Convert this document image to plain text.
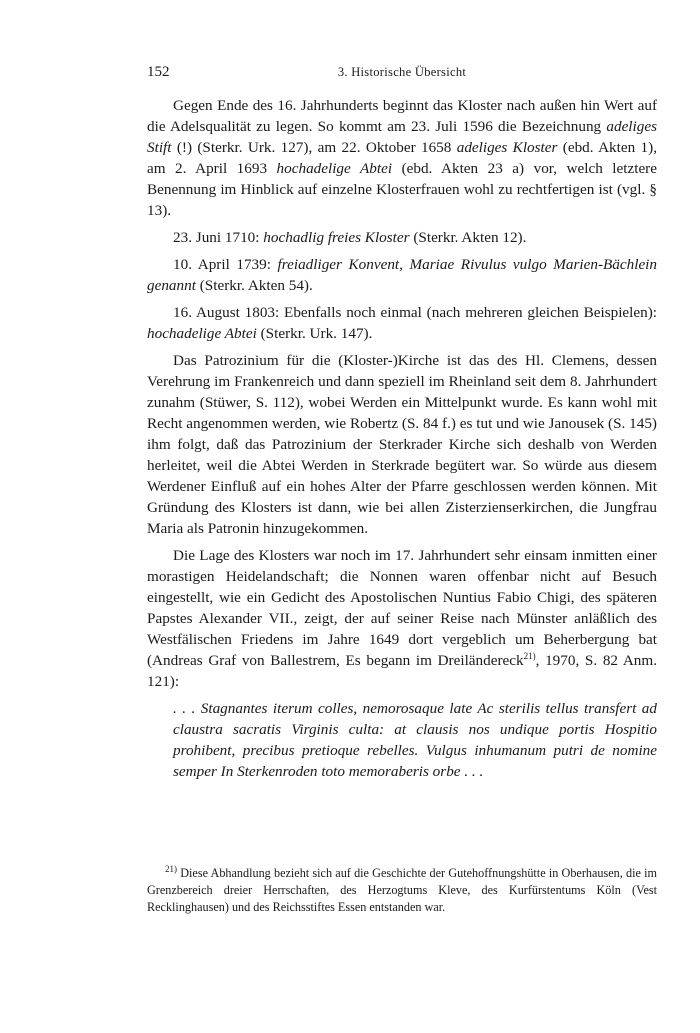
152	3. Historische Übersicht

Gegen Ende des 16. Jahrhunderts beginnt das Kloster nach außen hin Wert auf die Adelsqualität zu legen. So kommt am 23. Juli 1596 die Bezeichnung adeliges Stift (!) (Sterkr. Urk. 127), am 22. Oktober 1658 adeliges Kloster (ebd. Akten 1), am 2. April 1693 hochadelige Abtei (ebd. Akten 23 a) vor, welch letztere Benennung im Hinblick auf einzelne Klosterfrauen wohl zu rechtfertigen ist (vgl. § 13).

23. Juni 1710: hochadlig freies Kloster (Sterkr. Akten 12).

10. April 1739: freiadliger Konvent, Mariae Rivulus vulgo Marien-Bächlein genannt (Sterkr. Akten 54).

16. August 1803: Ebenfalls noch einmal (nach mehreren gleichen Beispielen): hochadelige Abtei (Sterkr. Urk. 147).

Das Patrozinium für die (Kloster-)Kirche ist das des Hl. Clemens, dessen Verehrung im Frankenreich und dann speziell im Rheinland seit dem 8. Jahrhundert zunahm (Stüwer, S. 112), wobei Werden ein Mittelpunkt wurde. Es kann wohl mit Recht angenommen werden, wie Robertz (S. 84 f.) es tut und wie Janousek (S. 145) ihm folgt, daß das Patrozinium der Sterkrader Kirche sich deshalb von Werden herleitet, weil die Abtei Werden in Sterkrade begütert war. So würde aus diesem Werdener Einfluß auf ein hohes Alter der Pfarre geschlossen werden können. Mit Gründung des Klosters ist dann, wie bei allen Zisterzienserkirchen, die Jungfrau Maria als Patronin hinzugekommen.

Die Lage des Klosters war noch im 17. Jahrhundert sehr einsam inmitten einer morastigen Heidelandschaft; die Nonnen waren offenbar nicht auf Besuch eingestellt, wie ein Gedicht des Apostolischen Nuntius Fabio Chigi, des späteren Papstes Alexander VII., zeigt, der auf seiner Reise nach Münster anläßlich des Westfälischen Friedens im Jahre 1649 dort vergeblich um Beherbergung bat (Andreas Graf von Ballestrem, Es begann im Dreiländereck$^{21)}$, 1970, S. 82 Anm. 121):

. . . Stagnantes iterum colles, nemorosaque late Ac sterilis tellus transfert ad claustra sacratis Virginis culta: at clausis nos undique portis Hospitio prohibent, precibus pretioque rebelles. Vulgus inhumanum putri de nomine semper In Sterkenroden toto memoraberis orbe . . .

$^{21)}$ Diese Abhandlung bezieht sich auf die Geschichte der Gutehoffnungshütte in Oberhausen, die im Grenzbereich dreier Herrschaften, des Herzogtums Kleve, des Kurfürstentums Köln (Vest Recklinghausen) und des Reichsstiftes Essen entstanden war.
